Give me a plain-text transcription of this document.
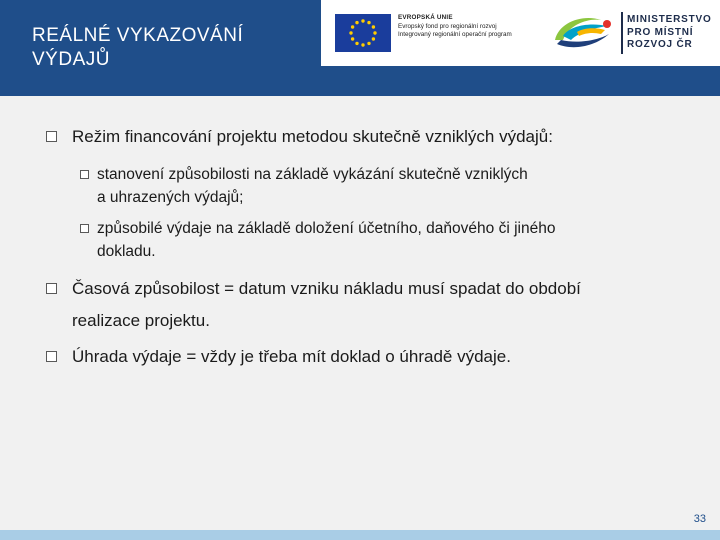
REÁLNÉ VYKAZOVÁNÍ
VÝDAJŮ
EVROPSKÁ UNIE
Evropský fond pro regionální rozvoj
Integrovaný regionální operační program
MINISTERSTVO
PRO MÍSTNÍ
ROZVOJ ČR
Režim financování projektu metodou skutečně vzniklých výdajů:
stanovení způsobilosti na základě vykázání skutečně vzniklých
a uhrazených výdajů;
způsobilé výdaje na základě doložení účetního, daňového či jiného
dokladu.
Časová způsobilost = datum vzniku nákladu musí spadat do období
realizace projektu.
Úhrada výdaje = vždy je třeba mít doklad o úhradě výdaje.
33
